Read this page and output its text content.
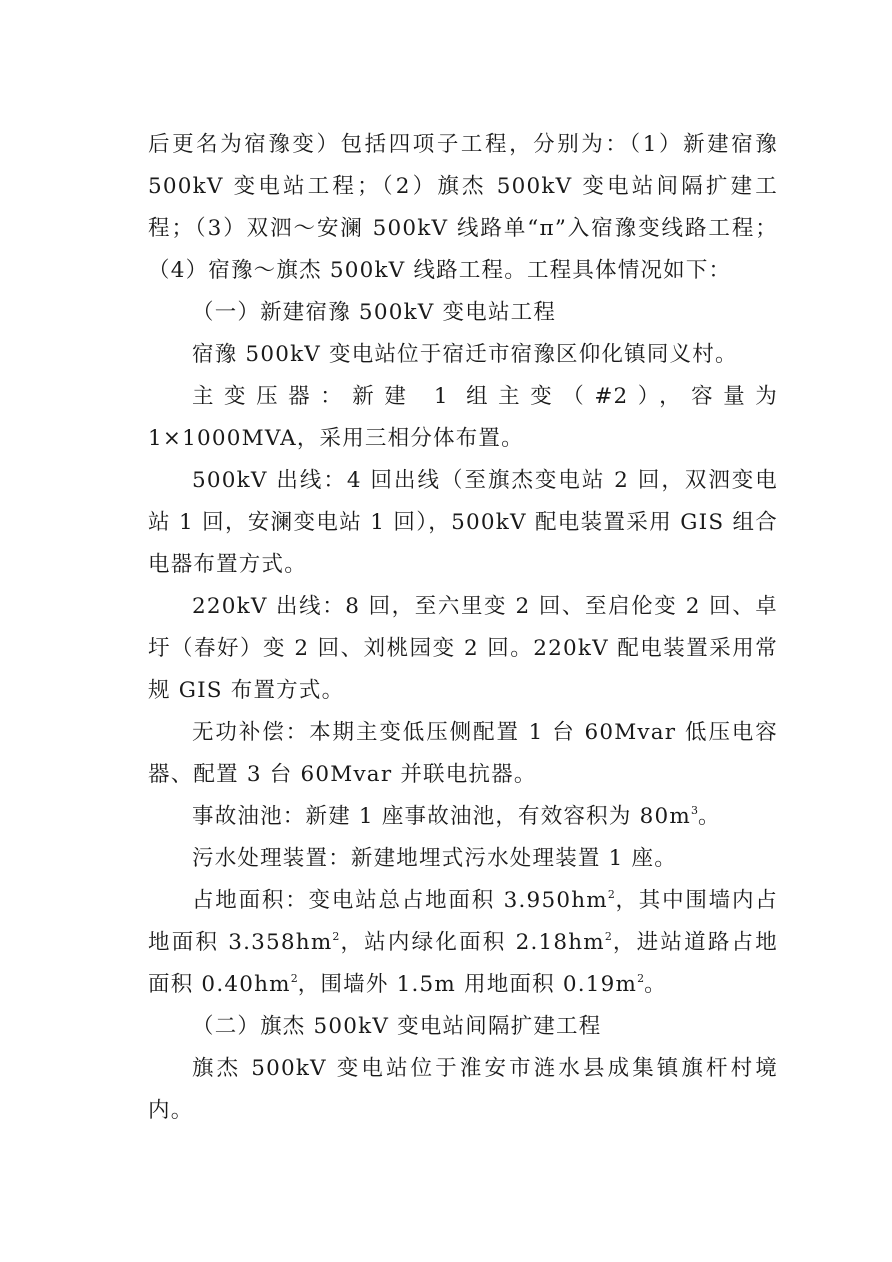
后更名为宿豫变）包括四项子工程，分别为：（1）新建宿豫 500kV 变电站工程；（2）旗杰 500kV 变电站间隔扩建工程；（3）双泗～安澜 500kV 线路单“π”入宿豫变线路工程；（4）宿豫～旗杰 500kV 线路工程。工程具体情况如下：

（一）新建宿豫 500kV 变电站工程

宿豫 500kV 变电站位于宿迁市宿豫区仰化镇同义村。

主变压器：新建 1 组主变（#2），容量为 1×1000MVA，采用三相分体布置。

500kV 出线：4 回出线（至旗杰变电站 2 回，双泗变电站 1 回，安澜变电站 1 回），500kV 配电装置采用 GIS 组合电器布置方式。

220kV 出线：8 回，至六里变 2 回、至启伦变 2 回、卓圩（春好）变 2 回、刘桃园变 2 回。220kV 配电装置采用常规 GIS 布置方式。

无功补偿：本期主变低压侧配置 1 台 60Mvar 低压电容器、配置 3 台 60Mvar 并联电抗器。

事故油池：新建 1 座事故油池，有效容积为 $80m^3$。

污水处理装置：新建地埋式污水处理装置 1 座。

占地面积：变电站总占地面积 $3.950hm^2$，其中围墙内占地面积 $3.358hm^2$，站内绿化面积 $2.18hm^2$，进站道路占地面积 $0.40hm^2$，围墙外 1.5m 用地面积 $0.19m^2$。

（二）旗杰 500kV 变电站间隔扩建工程

旗杰 500kV 变电站位于淮安市涟水县成集镇旗杆村境内。
